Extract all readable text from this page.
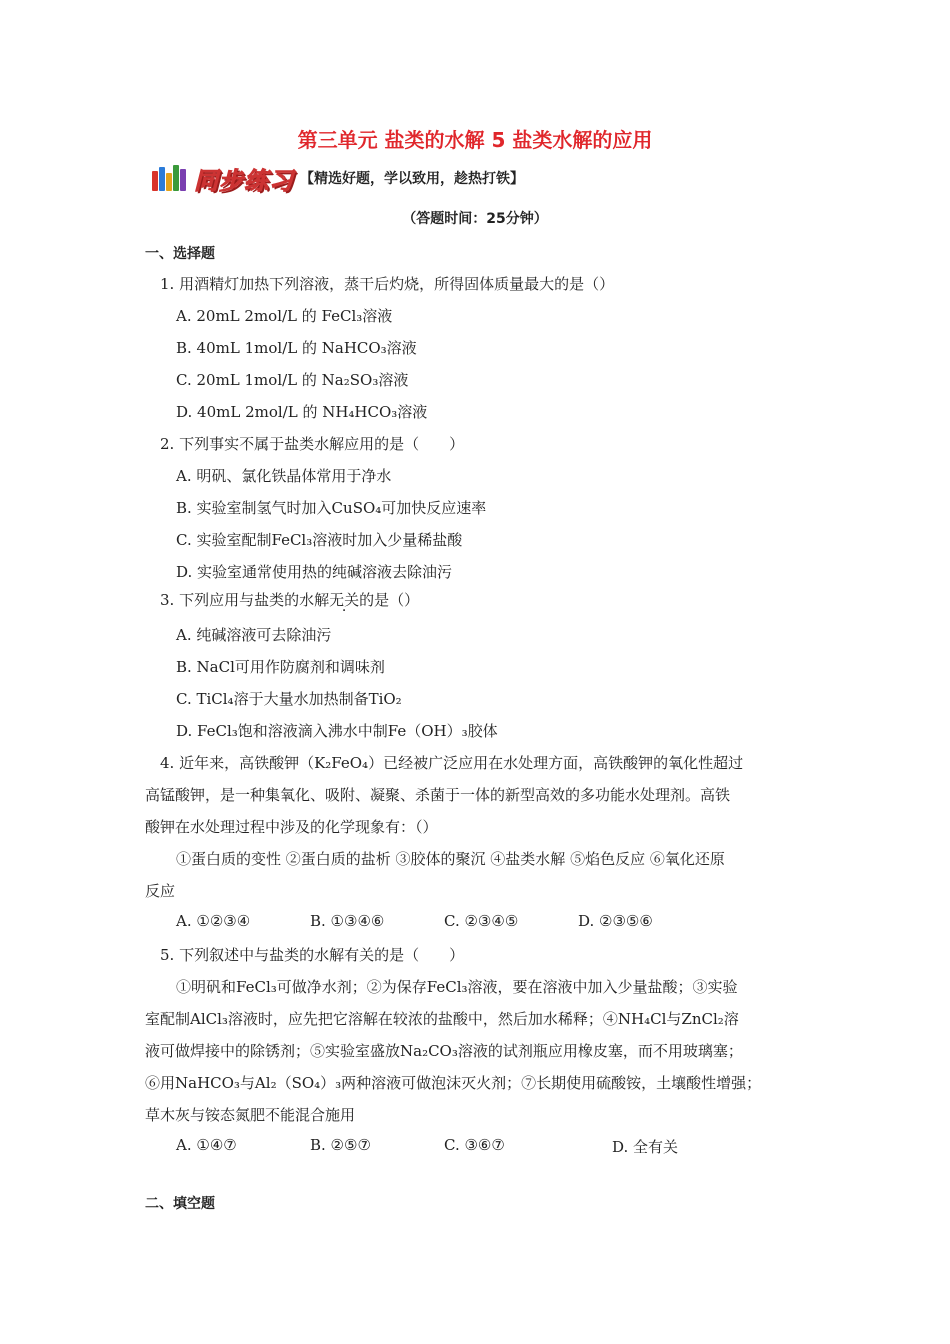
第三单元 盐类的水解 5 盐类水解的应用
同步练习 【精选好题，学以致用，趁热打铁】
（答题时间：25分钟）
一、选择题
1. 用酒精灯加热下列溶液，蒸干后灼烧，所得固体质量最大的是（）
A. 20mL 2mol/L 的 FeCl₃溶液
B. 40mL 1mol/L 的 NaHCO₃溶液
C. 20mL 1mol/L 的 Na₂SO₃溶液
D. 40mL 2mol/L 的 NH₄HCO₃溶液
2. 下列事实不属于盐类水解应用的是（　　）
A. 明矾、氯化铁晶体常用于净水
B. 实验室制氢气时加入CuSO₄可加快反应速率
C. 实验室配制FeCl₃溶液时加入少量稀盐酸
D. 实验室通常使用热的纯碱溶液去除油污
3. 下列应用与盐类的水解无关的是（）
A. 纯碱溶液可去除油污
B. NaCl可用作防腐剂和调味剂
C. TiCl₄溶于大量水加热制备TiO₂
D. FeCl₃饱和溶液滴入沸水中制Fe（OH）₃胶体
4. 近年来，高铁酸钾（K₂FeO₄）已经被广泛应用在水处理方面，高铁酸钾的氧化性超过
高锰酸钾，是一种集氧化、吸附、凝聚、杀菌于一体的新型高效的多功能水处理剂。高铁
酸钾在水处理过程中涉及的化学现象有：（）
①蛋白质的变性 ②蛋白质的盐析 ③胶体的聚沉 ④盐类水解 ⑤焰色反应 ⑥氧化还原
反应
A. ①②③④	B. ①③④⑥	C. ②③④⑤	D. ②③⑤⑥
5. 下列叙述中与盐类的水解有关的是（　　）
①明矾和FeCl₃可做净水剂；②为保存FeCl₃溶液，要在溶液中加入少量盐酸；③实验
室配制AlCl₃溶液时，应先把它溶解在较浓的盐酸中，然后加水稀释；④NH₄Cl与ZnCl₂溶
液可做焊接中的除锈剂；⑤实验室盛放Na₂CO₃溶液的试剂瓶应用橡皮塞，而不用玻璃塞；
⑥用NaHCO₃与Al₂（SO₄）₃两种溶液可做泡沫灭火剂；⑦长期使用硫酸铵，土壤酸性增强；
草木灰与铵态氮肥不能混合施用
A. ①④⑦	B. ②⑤⑦	C. ③⑥⑦	D. 全有关
二、填空题
